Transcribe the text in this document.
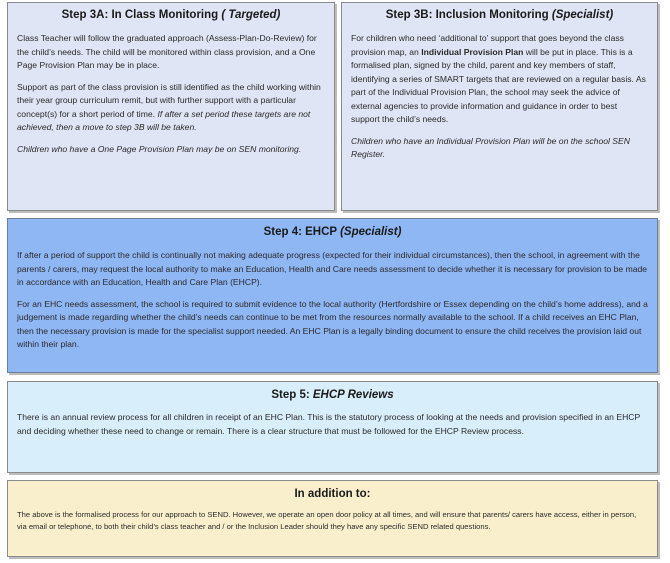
Step 3A: In Class Monitoring ( Targeted)

Class Teacher will follow the graduated approach (Assess-Plan-Do-Review) for the child’s needs. The child will be monitored within class provision, and a One Page Provision Plan may be in place.

Support as part of the class provision is still identified as the child working within their year group curriculum remit, but with further support with a particular concept(s) for a short period of time. If after a set period these targets are not achieved, then a move to step 3B will be taken.

Children who have a One Page Provision Plan may be on SEN monitoring.

Step 3B: Inclusion Monitoring (Specialist)

For children who need ‘additional to’ support that goes beyond the class provision map, an Individual Provision Plan will be put in place. This is a formalised plan, signed by the child, parent and key members of staff, identifying a series of SMART targets that are reviewed on a regular basis. As part of the Individual Provision Plan, the school may seek the advice of external agencies to provide information and guidance in order to best support the child’s needs.

Children who have an Individual Provision Plan will be on the school SEN Register.

Step 4: EHCP (Specialist)

If after a period of support the child is continually not making adequate progress (expected for their individual circumstances), then the school, in agreement with the parents / carers, may request the local authority to make an Education, Health and Care needs assessment to decide whether it is necessary for provision to be made in accordance with an Education, Health and Care Plan (EHCP).

For an EHC needs assessment, the school is required to submit evidence to the local authority (Hertfordshire or Essex depending on the child’s home address), and a judgement is made regarding whether the child’s needs can continue to be met from the resources normally available to the school. If a child receives an EHC Plan, then the necessary provision is made for the specialist support needed. An EHC Plan is a legally binding document to ensure the child receives the provision laid out within their plan.

Step 5: EHCP Reviews

There is an annual review process for all children in receipt of an EHC Plan. This is the statutory process of looking at the needs and provision specified in an EHCP and deciding whether these need to change or remain. There is a clear structure that must be followed for the EHCP Review process.

In addition to:

The above is the formalised process for our approach to SEND. However, we operate an open door policy at all times, and will ensure that parents/ carers have access, either in person, via email or telephone, to both their child’s class teacher and / or the Inclusion Leader should they have any specific SEND related questions.
